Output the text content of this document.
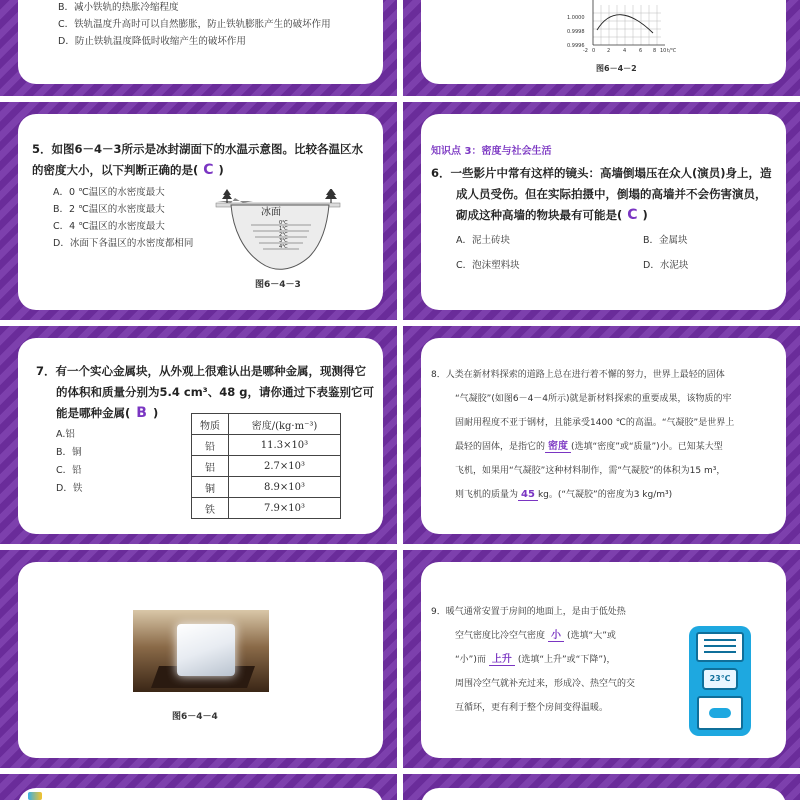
B．减小铁轨的热胀冷缩程度
C．铁轨温度升高时可以自然膨胀，防止铁轨膨胀产生的破坏作用
D．防止铁轨温度降低时收缩产生的破坏作用
1.0000
0.9998
0.9996
-2 0 2	4	6 8 10 t/℃
图6－4－2
5．如图6－4－3所示是冰封湖面下的水温示意图。比较各温区水
的密度大小，以下判断正确的是( C )
A．0 ℃温区的水密度最大
B．2 ℃温区的水密度最大
C．4 ℃温区的水密度最大
D．冰面下各温区的水密度都相同
冰面
0℃
1℃
2℃
3℃
4℃
图6－4－3
知识点 3：密度与社会生活
6．一些影片中常有这样的镜头：高墙倒塌压在众人(演员)身上，造
成人员受伤。但在实际拍摄中，倒塌的高墙并不会伤害演员，
砌成这种高墙的物块最有可能是( C )
A．泥土砖块	B．金属块
C．泡沫塑料块	D．水泥块
7．有一个实心金属块，从外观上很难认出是哪种金属，现测得它
的体积和质量分别为5.4 cm³、48 g，请你通过下表鉴别它可
能是哪种金属( B )
A.铝
B．铜
C．铅
D．铁
物质	密度/(kg·m⁻³)
铅	11.3×10³
铝	2.7×10³
铜	8.9×10³
铁	7.9×10³
8．人类在新材料探索的道路上总在进行着不懈的努力，世界上最轻的固体
“气凝胶”(如图6－4－4所示)就是新材料探索的重要成果，该物质的牢
固耐用程度不亚于钢材，且能承受1400 ℃的高温。“气凝胶”是世界上
最轻的固体，是指它的 密度 (选填“密度”或“质量”)小。已知某大型
飞机，如果用“气凝胶”这种材料制作，需“气凝胶”的体积为15 m³，
则飞机的质量为 45 kg。(“气凝胶”的密度为3 kg/m³)
图6－4－4
9．暖气通常安置于房间的地面上，是由于低处热
空气密度比冷空气密度 小 (选填“大”或
“小”)而 上升 (选填“上升”或“下降”)，
周围冷空气就补充过来，形成冷、热空气的交
互循环，更有利于整个房间变得温暖。
23℃
